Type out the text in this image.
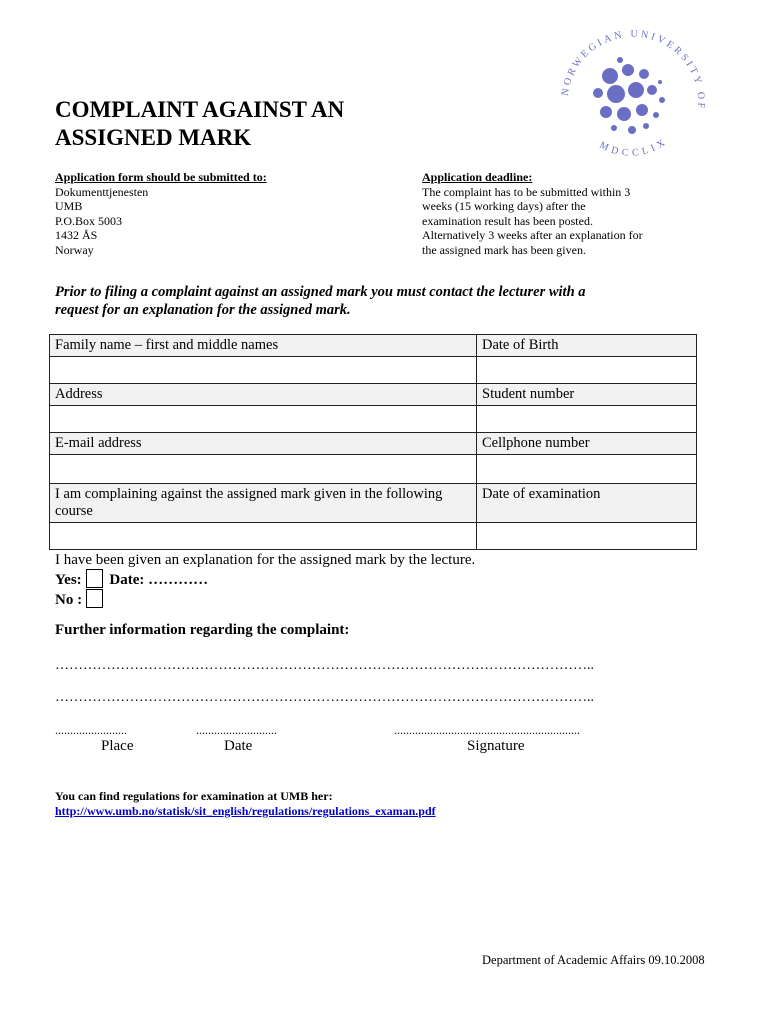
NORWEGIAN UNIVERSITY OF
MDCCLIX
COMPLAINT AGAINST AN
ASSIGNED MARK
Application form should be submitted to:
Dokumenttjenesten
UMB
P.O.Box 5003
1432 ÅS
Norway
Application deadline:
The complaint has to be submitted within 3
weeks (15 working days) after the
examination result has been posted.
Alternatively 3 weeks after an explanation for
the assigned mark has been given.
Prior to filing a complaint against an assigned mark you must contact the lecturer with a
request for an explanation for the assigned mark.
Family name – first and middle names	Date of Birth

Address	Student number

E-mail address	Cellphone number

I am complaining against the assigned mark given in the following course	Date of examination

I have been given an explanation for the assigned mark by the lecture.
Yes: Date: …………
No :
Further information regarding the complaint:
……………………………………………………………………………………………………..
……………………………………………………………………………………………………..
........................	...........................	..............................................................
Place	Date	Signature
You can find regulations for examination at UMB her:
http://www.umb.no/statisk/sit_english/regulations/regulations_examan.pdf
Department of Academic Affairs 09.10.2008
